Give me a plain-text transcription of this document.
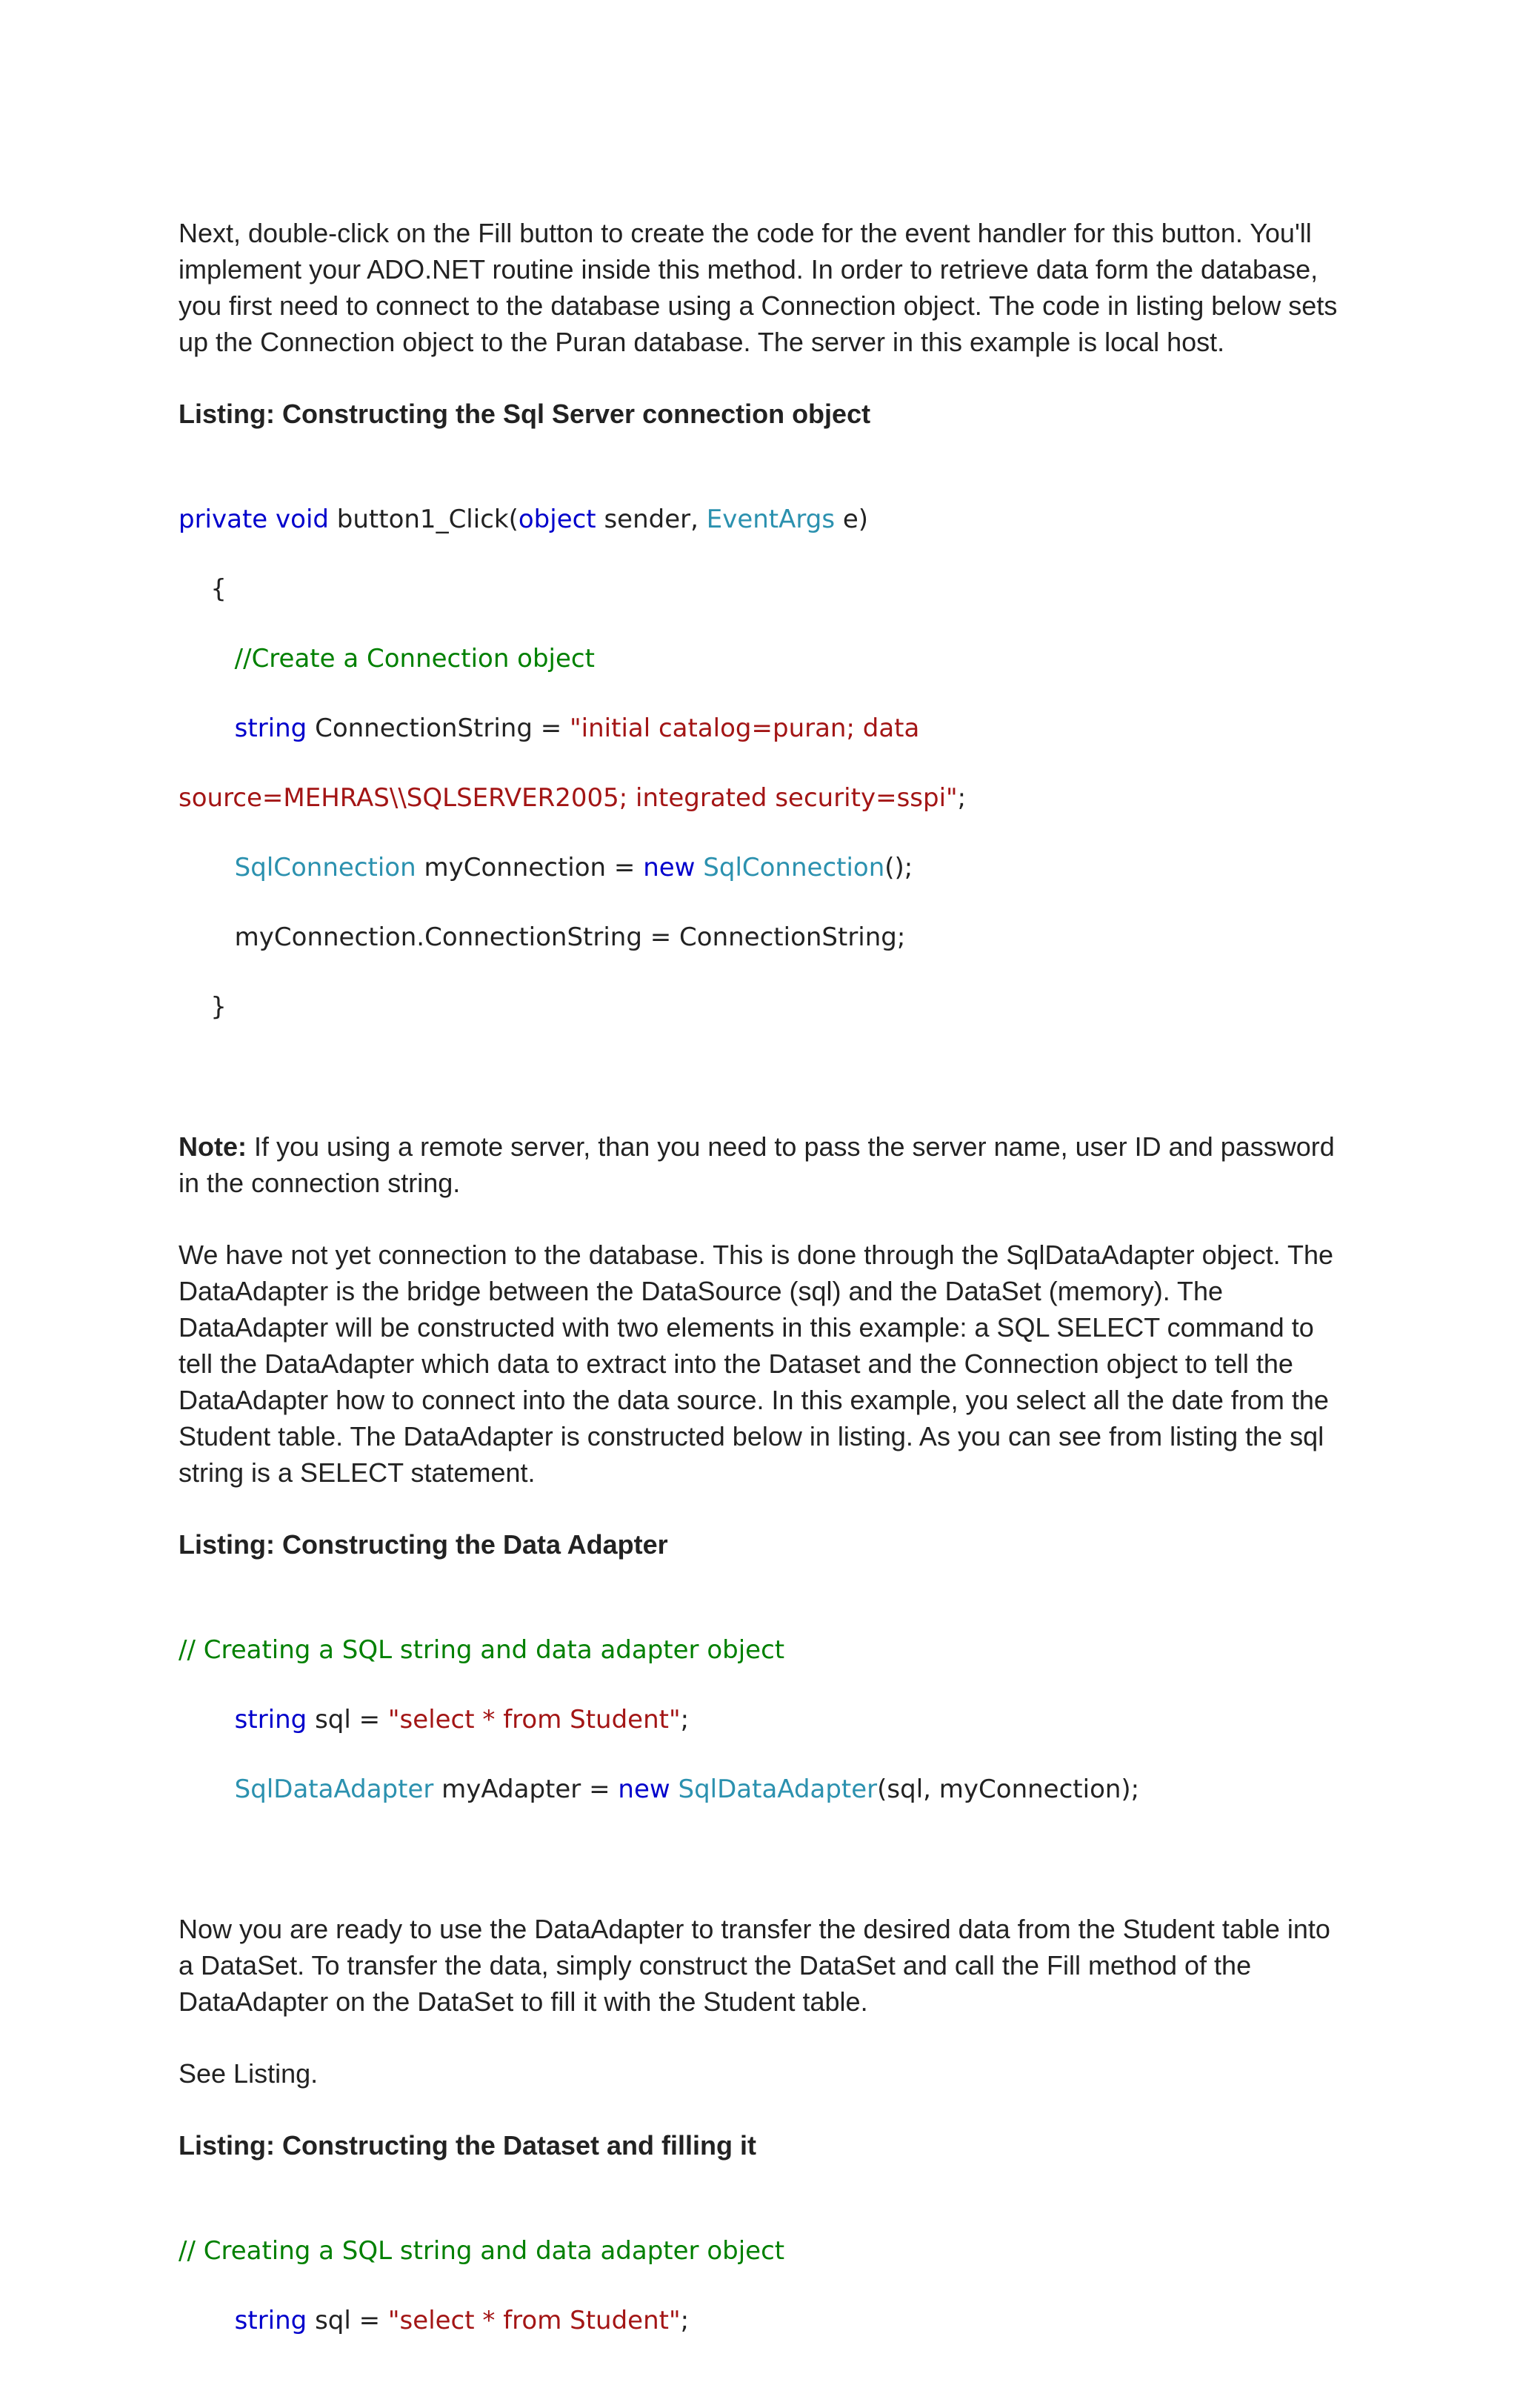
Next, double-click on the Fill button to create the code for the event handler for this button. You'll implement your ADO.NET routine inside this method. In order to retrieve data form the database, you first need to connect to the database using a Connection object. The code in listing below sets up the Connection object to the Puran database. The server in this example is local host.

Listing: Constructing the Sql Server connection object

private void button1_Click(object sender, EventArgs e)

{

//Create a Connection object

string ConnectionString = "initial catalog=puran; data

source=MEHRAS\\SQLSERVER2005; integrated security=sspi";

SqlConnection myConnection = new SqlConnection();

myConnection.ConnectionString = ConnectionString;

}

Note: If you using a remote server, than you need to pass the server name, user ID and password in the connection string.

We have not yet connection to the database. This is done through the SqlDataAdapter object. The DataAdapter is the bridge between the DataSource (sql) and the DataSet (memory). The DataAdapter will be constructed with two elements in this example: a SQL SELECT command to tell the DataAdapter which data to extract into the Dataset and the Connection object to tell the DataAdapter how to connect into the data source. In this example, you select all the date from the Student table. The DataAdapter is constructed below in listing. As you can see from listing the sql string is a SELECT statement.

Listing: Constructing the Data Adapter

// Creating a SQL string and data adapter object

string sql = "select * from Student";

SqlDataAdapter myAdapter = new SqlDataAdapter(sql, myConnection);

Now you are ready to use the DataAdapter to transfer the desired data from the Student table into a DataSet. To transfer the data, simply construct the DataSet and call the Fill method of the DataAdapter on the DataSet to fill it with the Student table.

See Listing.

Listing: Constructing the Dataset and filling it

// Creating a SQL string and data adapter object

string sql = "select * from Student";
